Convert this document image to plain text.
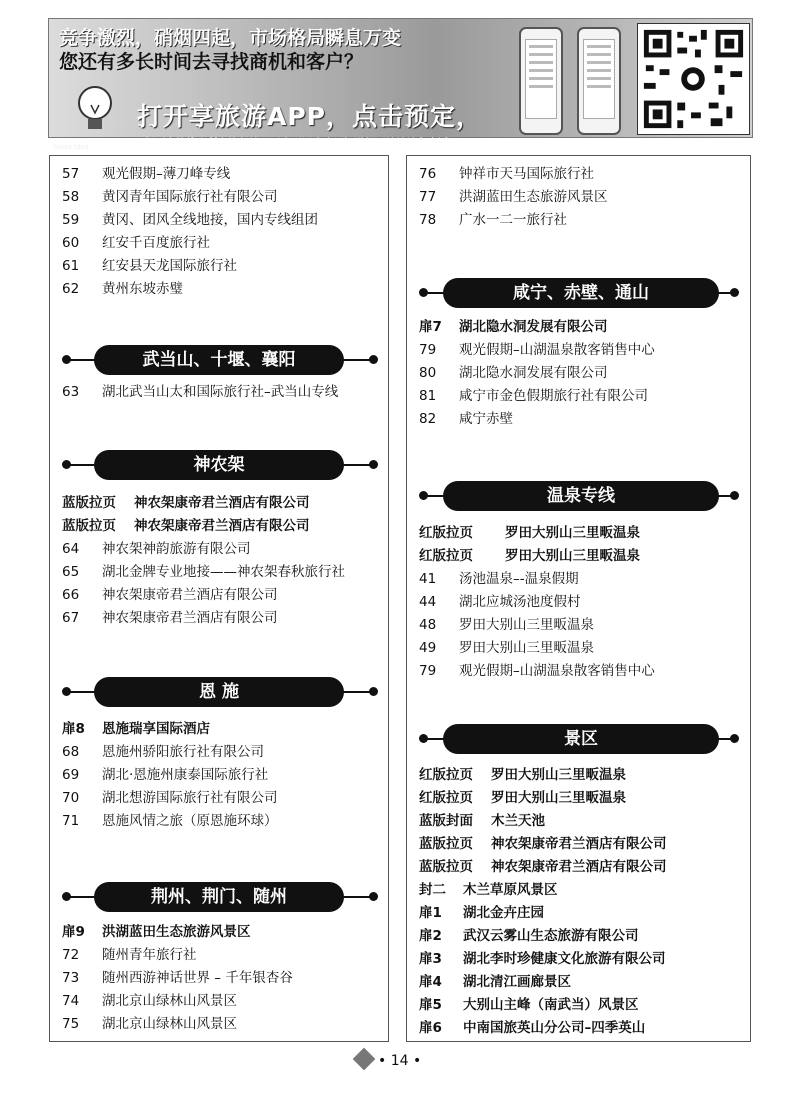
竞争激烈，硝烟四起，市场格局瞬息万变
您还有多长时间去寻找商机和客户？
Good Idea
打开享旅游APP，点击预定，
便可查找搜索所有旅行社，再也不用头疼不知道组团社地址和电话！
57 观光假期–薄刀峰专线
58 黄冈青年国际旅行社有限公司
59 黄冈、团风全线地接，国内专线组团
60 红安千百度旅行社
61 红安县天龙国际旅行社
62 黄州东坡赤璧
武当山、十堰、襄阳
63 湖北武当山太和国际旅行社–武当山专线
神农架
蓝版拉页 神农架康帝君兰酒店有限公司
蓝版拉页 神农架康帝君兰酒店有限公司
64 神农架神韵旅游有限公司
65 湖北金牌专业地接——神农架春秋旅行社
66 神农架康帝君兰酒店有限公司
67 神农架康帝君兰酒店有限公司
恩 施
扉8 恩施瑞享国际酒店
68 恩施州骄阳旅行社有限公司
69 湖北·恩施州康泰国际旅行社
70 湖北想游国际旅行社有限公司
71 恩施风情之旅（原恩施环球）
荆州、荆门、随州
扉9 洪湖蓝田生态旅游风景区
72 随州青年旅行社
73 随州西游神话世界 – 千年银杏谷
74 湖北京山绿林山风景区
75 湖北京山绿林山风景区
76 钟祥市天马国际旅行社
77 洪湖蓝田生态旅游风景区
78 广水一二一旅行社
咸宁、赤壁、通山
扉7 湖北隐水洞发展有限公司
79 观光假期–山湖温泉散客销售中心
80 湖北隐水洞发展有限公司
81 咸宁市金色假期旅行社有限公司
82 咸宁赤壁
温泉专线
红版拉页 罗田大别山三里畈温泉
红版拉页 罗田大别山三里畈温泉
41 汤池温泉–-温泉假期
44 湖北应城汤池度假村
48 罗田大别山三里畈温泉
49 罗田大别山三里畈温泉
79 观光假期–山湖温泉散客销售中心
景区
红版拉页 罗田大别山三里畈温泉
红版拉页 罗田大别山三里畈温泉
蓝版封面 木兰天池
蓝版拉页 神农架康帝君兰酒店有限公司
蓝版拉页 神农架康帝君兰酒店有限公司
封二 木兰草原风景区
扉1 湖北金卉庄园
扉2 武汉云雾山生态旅游有限公司
扉3 湖北李时珍健康文化旅游有限公司
扉4 湖北清江画廊景区
扉5 大别山主峰（南武当）风景区
扉6 中南国旅英山分公司–四季英山
• 14 •
